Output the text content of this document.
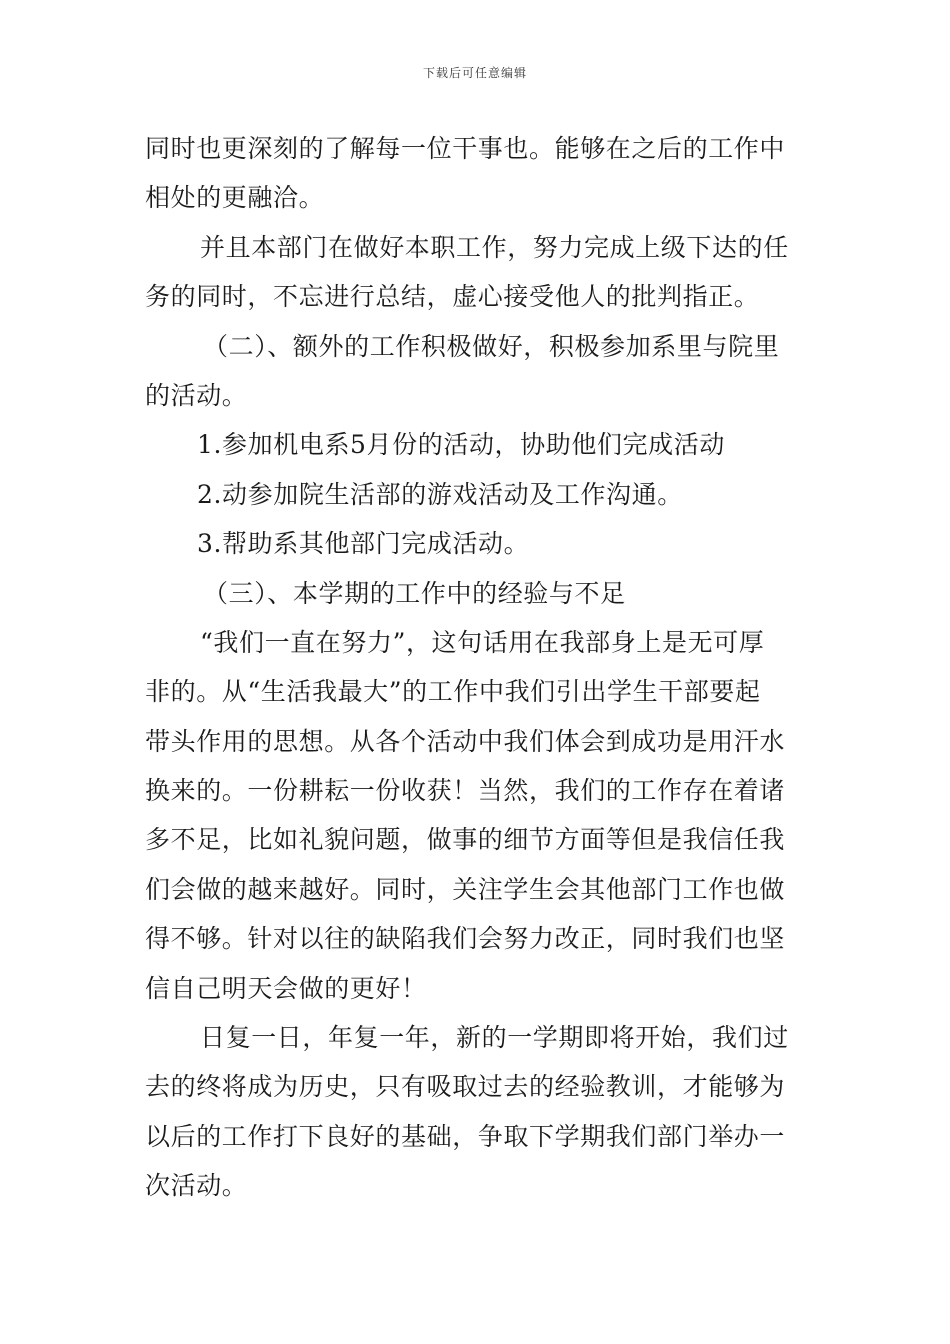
下载后可任意编辑
同时也更深刻的了解每一位干事也。能够在之后的工作中
相处的更融洽。
并且本部门在做好本职工作，努力完成上级下达的任
务的同时，不忘进行总结，虚心接受他人的批判指正。
（二）、额外的工作积极做好，积极参加系里与院里
的活动。
1.参加机电系5月份的活动，协助他们完成活动
2.动参加院生活部的游戏活动及工作沟通。
3.帮助系其他部门完成活动。
（三）、本学期的工作中的经验与不足
“我们一直在努力”，这句话用在我部身上是无可厚
非的。从“生活我最大”的工作中我们引出学生干部要起
带头作用的思想。从各个活动中我们体会到成功是用汗水
换来的。一份耕耘一份收获！当然，我们的工作存在着诸
多不足，比如礼貌问题，做事的细节方面等但是我信任我
们会做的越来越好。同时，关注学生会其他部门工作也做
得不够。针对以往的缺陷我们会努力改正，同时我们也坚
信自己明天会做的更好！
日复一日，年复一年，新的一学期即将开始，我们过
去的终将成为历史，只有吸取过去的经验教训，才能够为
以后的工作打下良好的基础，争取下学期我们部门举办一
次活动。
